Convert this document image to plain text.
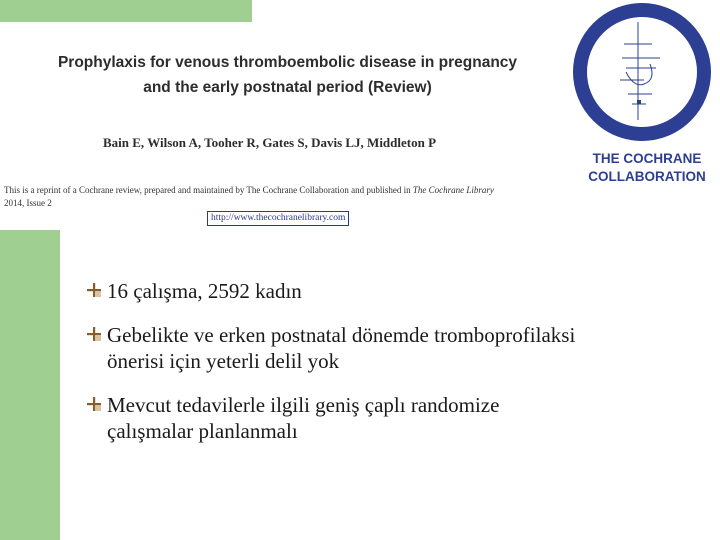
Prophylaxis for venous thromboembolic disease in pregnancy
and the early postnatal period (Review)
Bain E, Wilson A, Tooher R, Gates S, Davis LJ, Middleton P
This is a reprint of a Cochrane review, prepared and maintained by The Cochrane Collaboration and published in The Cochrane Library
2014, Issue 2
http://www.thecochranelibrary.com
THE COCHRANE
COLLABORATION
16 çalışma, 2592 kadın
Gebelikte ve erken postnatal dönemde tromboprofilaksi önerisi için yeterli delil yok
Mevcut tedavilerle ilgili geniş çaplı randomize çalışmalar planlanmalı
